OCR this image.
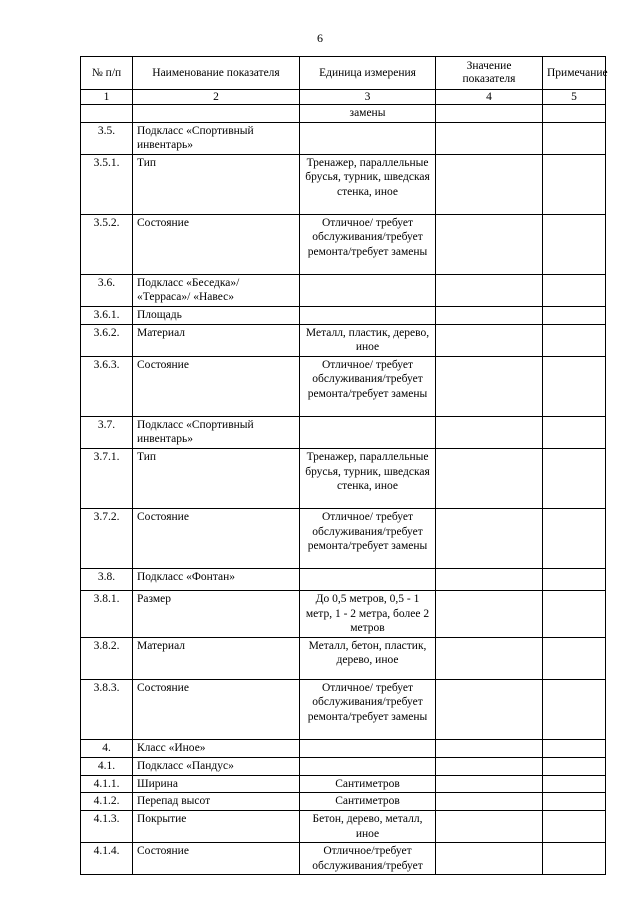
6
№ п/п	Наименование показателя	Единица измерения	Значение показателя	Примечание
1	2	3	4	5
		замены		
3.5.	Подкласс «Спортивный инвентарь»			
3.5.1.	Тип	Тренажер, параллельные брусья, турник, шведская стенка, иное		
3.5.2.	Состояние	Отличное/ требует обслуживания/требует ремонта/требует замены		
3.6.	Подкласс «Беседка»/ «Терраса»/ «Навес»			
3.6.1.	Площадь			
3.6.2.	Материал	Металл, пластик, дерево, иное		
3.6.3.	Состояние	Отличное/ требует обслуживания/требует ремонта/требует замены		
3.7.	Подкласс «Спортивный инвентарь»			
3.7.1.	Тип	Тренажер, параллельные брусья, турник, шведская стенка, иное		
3.7.2.	Состояние	Отличное/ требует обслуживания/требует ремонта/требует замены		
3.8.	Подкласс «Фонтан»			
3.8.1.	Размер	До 0,5 метров, 0,5 - 1 метр, 1 - 2 метра, более 2 метров		
3.8.2.	Материал	Металл, бетон, пластик, дерево, иное		
3.8.3.	Состояние	Отличное/ требует обслуживания/требует ремонта/требует замены		
4.	Класс «Иное»			
4.1.	Подкласс «Пандус»			
4.1.1.	Ширина	Сантиметров		
4.1.2.	Перепад высот	Сантиметров		
4.1.3.	Покрытие	Бетон, дерево, металл, иное		
4.1.4.	Состояние	Отличное/требует обслуживания/требует		
